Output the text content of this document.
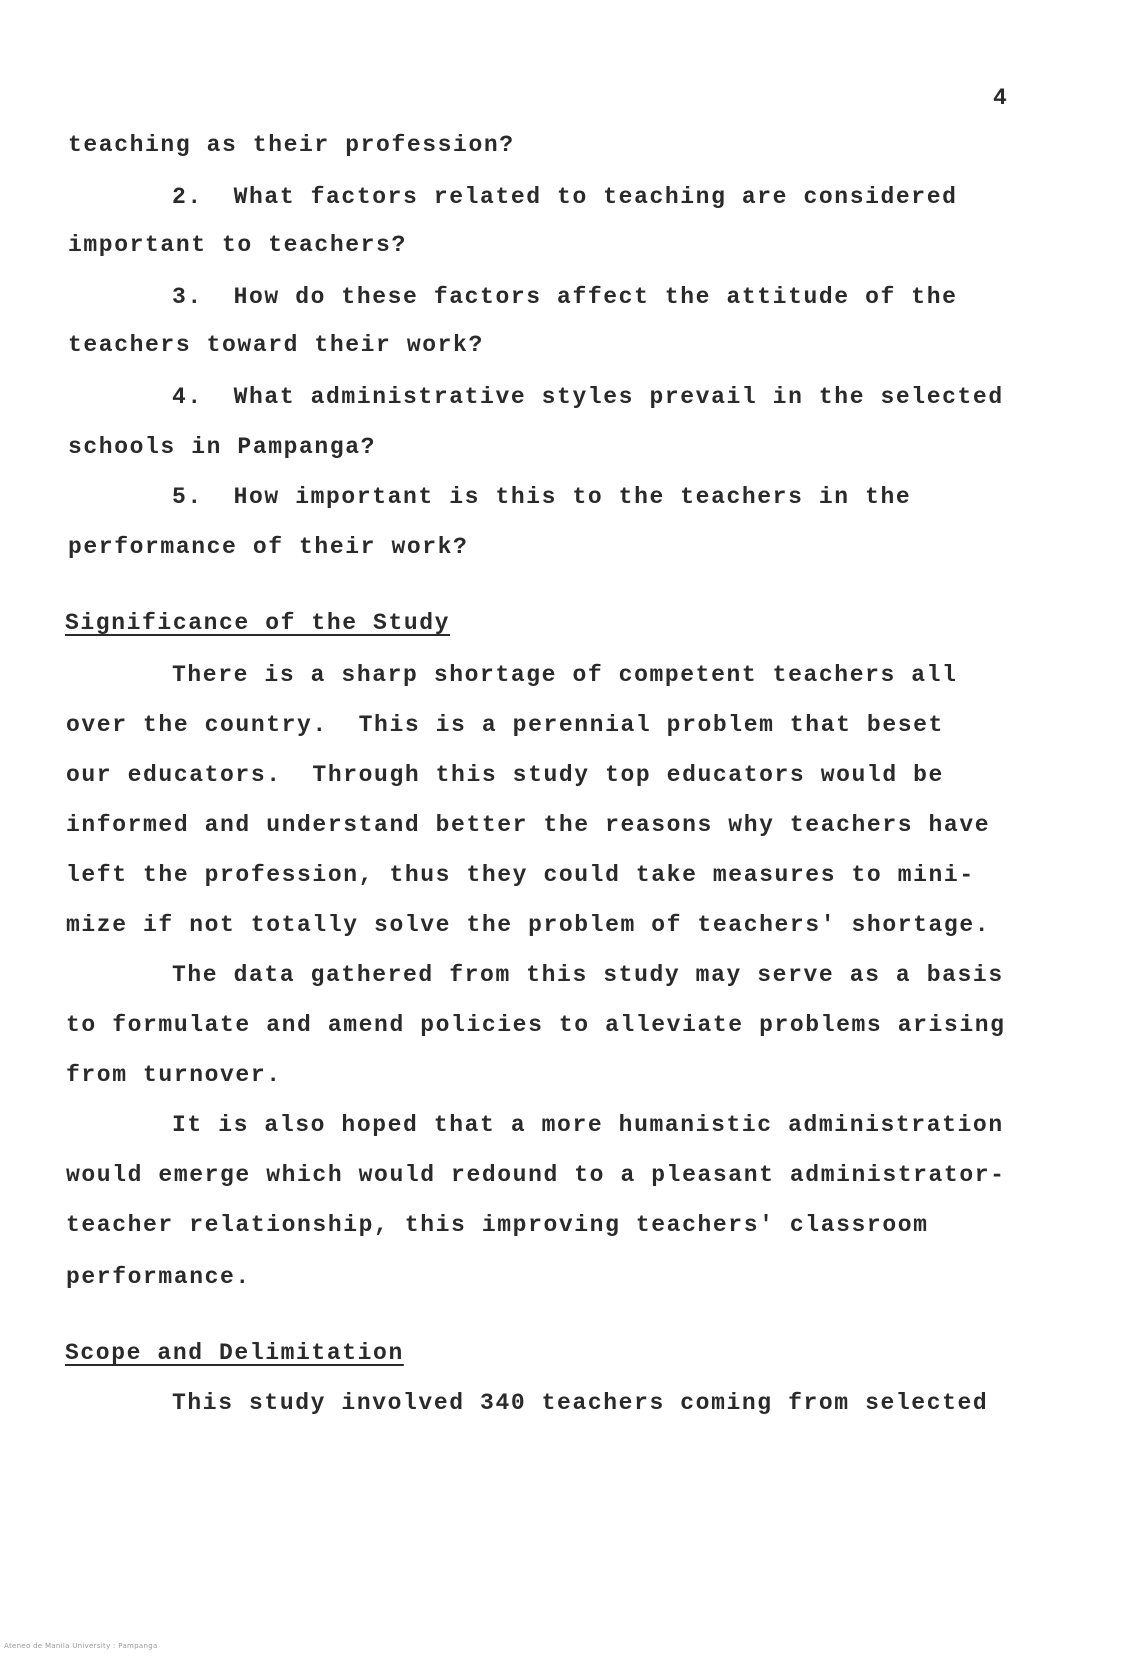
4

teaching as their profession?

2.  What factors related to teaching are considered

important to teachers?

3.  How do these factors affect the attitude of the

teachers toward their work?

4.  What administrative styles prevail in the selected

schools in Pampanga?

5.  How important is this to the teachers in the

performance of their work?

Significance of the Study

There is a sharp shortage of competent teachers all

over the country.  This is a perennial problem that beset

our educators.  Through this study top educators would be

informed and understand better the reasons why teachers have

left the profession, thus they could take measures to mini-

mize if not totally solve the problem of teachers' shortage.

The data gathered from this study may serve as a basis

to formulate and amend policies to alleviate problems arising

from turnover.

It is also hoped that a more humanistic administration

would emerge which would redound to a pleasant administrator-

teacher relationship, this improving teachers' classroom

performance.

Scope and Delimitation

This study involved 340 teachers coming from selected

Ateneo de Manila University : Pampanga
